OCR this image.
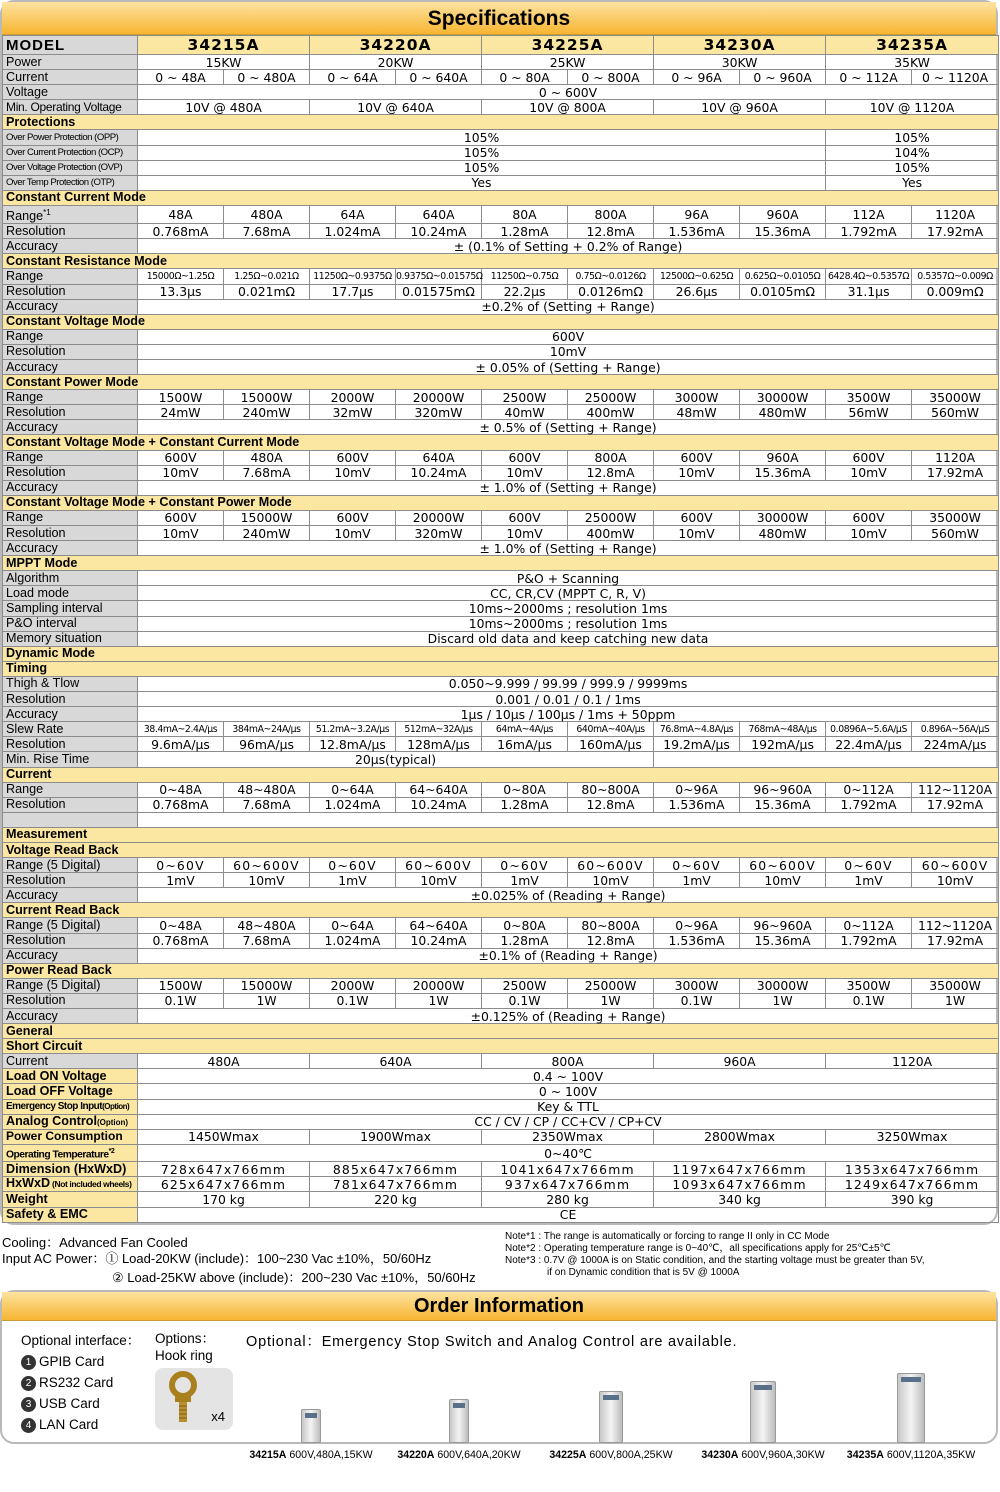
Specifications
MODEL	34215A		34220A		34225A		34230A		34235A	
Power	15KW		20KW		25KW		30KW		35KW	
Current	0 ~ 48A	0 ~ 480A	0 ~ 64A	0 ~ 640A	0 ~ 80A	0 ~ 800A	0 ~ 96A	0 ~ 960A	0 ~ 112A	0 ~ 1120A
Voltage	0 ~ 600V									
Min. Operating Voltage	10V @ 480A		10V @ 640A		10V @ 800A		10V @ 960A		10V @ 1120A	
Protections										
Over Power Protection (OPP)	105%								105%	
Over Current Protection (OCP)	105%								104%	
Over Voltage Protection (OVP)	105%								105%	
Over Temp Protection (OTP)	Yes								Yes	
Constant Current Mode										
Range$^{*1}$	48A	480A	64A	640A	80A	800A	96A	960A	112A	1120A
Resolution	0.768mA	7.68mA	1.024mA	10.24mA	1.28mA	12.8mA	1.536mA	15.36mA	1.792mA	17.92mA
Accuracy	± (0.1% of Setting + 0.2% of Range)									
Constant Resistance Mode										
Range	15000Ω~1.25Ω	1.25Ω~0.021Ω	11250Ω~0.9375Ω	0.9375Ω~0.01575Ω	11250Ω~0.75Ω	0.75Ω~0.0126Ω	12500Ω~0.625Ω	0.625Ω~0.0105Ω	6428.4Ω~0.5357Ω	0.5357Ω~0.009Ω
Resolution	13.3μs	0.021mΩ	17.7μs	0.01575mΩ	22.2μs	0.0126mΩ	26.6μs	0.0105mΩ	31.1μs	0.009mΩ
Accuracy	±0.2% of (Setting + Range)									
Constant Voltage Mode										
Range	600V									
Resolution	10mV									
Accuracy	± 0.05% of (Setting + Range)									
Constant Power Mode										
Range	1500W	15000W	2000W	20000W	2500W	25000W	3000W	30000W	3500W	35000W
Resolution	24mW	240mW	32mW	320mW	40mW	400mW	48mW	480mW	56mW	560mW
Accuracy	± 0.5% of (Setting + Range)									
Constant Voltage Mode + Constant Current Mode										
Range	600V	480A	600V	640A	600V	800A	600V	960A	600V	1120A
Resolution	10mV	7.68mA	10mV	10.24mA	10mV	12.8mA	10mV	15.36mA	10mV	17.92mA
Accuracy	± 1.0% of (Setting + Range)									
Constant Voltage Mode + Constant Power Mode										
Range	600V	15000W	600V	20000W	600V	25000W	600V	30000W	600V	35000W
Resolution	10mV	240mW	10mV	320mW	10mV	400mW	10mV	480mW	10mV	560mW
Accuracy	± 1.0% of (Setting + Range)									
MPPT Mode										
Algorithm	P&O + Scanning									
Load mode	CC, CR,CV (MPPT C, R, V)									
Sampling interval	10ms~2000ms ; resolution 1ms									
P&O interval	10ms~2000ms ; resolution 1ms									
Memory situation	Discard old data and keep catching new data									
Dynamic Mode										
Timing										
Thigh & Tlow	0.050~9.999 / 99.99 / 999.9 / 9999ms									
Resolution	0.001 / 0.01 / 0.1 / 1ms									
Accuracy	1μs / 10μs / 100μs / 1ms + 50ppm									
Slew Rate	38.4mA~2.4A/μs	384mA~24A/μs	51.2mA~3.2A/μs	512mA~32A/μs	64mA~4A/μs	640mA~40A/μs	76.8mA~4.8A/μs	768mA~48A/μs	0.0896A~5.6A/μS	0.896A~56A/μS
Resolution	9.6mA/μs	96mA/μs	12.8mA/μs	128mA/μs	16mA/μs	160mA/μs	19.2mA/μs	192mA/μs	22.4mA/μs	224mA/μs
Min. Rise Time	20μs(typical)									
Current										
Range	0~48A	48~480A	0~64A	64~640A	0~80A	80~800A	0~96A	96~960A	0~112A	112~1120A
Resolution	0.768mA	7.68mA	1.024mA	10.24mA	1.28mA	12.8mA	1.536mA	15.36mA	1.792mA	17.92mA

Measurement										
Voltage Read Back										
Range (5 Digital)	0~60V	60~600V	0~60V	60~600V	0~60V	60~600V	0~60V	60~600V	0~60V	60~600V
Resolution	1mV	10mV	1mV	10mV	1mV	10mV	1mV	10mV	1mV	10mV
Accuracy	±0.025% of (Reading + Range)									
Current Read Back										
Range (5 Digital)	0~48A	48~480A	0~64A	64~640A	0~80A	80~800A	0~96A	96~960A	0~112A	112~1120A
Resolution	0.768mA	7.68mA	1.024mA	10.24mA	1.28mA	12.8mA	1.536mA	15.36mA	1.792mA	17.92mA
Accuracy	±0.1% of (Reading + Range)									
Power Read Back										
Range (5 Digital)	1500W	15000W	2000W	20000W	2500W	25000W	3000W	30000W	3500W	35000W
Resolution	0.1W	1W	0.1W	1W	0.1W	1W	0.1W	1W	0.1W	1W
Accuracy	±0.125% of (Reading + Range)									
General										
Short Circuit										
Current	480A		640A		800A		960A		1120A	
Load ON Voltage	0.4 ~ 100V									
Load OFF Voltage	0 ~ 100V									
Emergency Stop Input(Option)	Key & TTL									
Analog Control(Option)	CC / CV / CP / CC+CV / CP+CV									
Power Consumption	1450Wmax		1900Wmax		2350Wmax		2800Wmax		3250Wmax	
Operating Temperature$^{*2}$	0~40℃									
Dimension (HxWxD)	728x647x766mm		885x647x766mm		1041x647x766mm		1197x647x766mm		1353x647x766mm	
HxWxD (Not included wheels)	625x647x766mm		781x647x766mm		937x647x766mm		1093x647x766mm		1249x647x766mm	
Weight	170 kg		220 kg		280 kg		340 kg		390 kg	
Safety & EMC	CE									
Cooling：Advanced Fan Cooled
Input AC Power：① Load-20KW (include)：100~230 Vac ±10%，50/60Hz
② Load-25KW above (include)：200~230 Vac ±10%，50/60Hz
Note*1 : The range is automatically or forcing to range II only in CC Mode
Note*2 : Operating temperature range is 0~40℃，all specifications apply for 25℃±5℃
Note*3 : 0.7V @ 1000A is on Static condition, and the starting voltage must be greater than 5V,
if on Dynamic condition that is 5V @ 1000A
Order Information
Optional interface：
1 GPIB Card
2 RS232 Card
3 USB Card
4 LAN Card
Options：
Hook ring
x4
Optional：Emergency Stop Switch and Analog Control are available.
34215A 600V,480A,15KW	34220A 600V,640A,20KW	34225A 600V,800A,25KW	34230A 600V,960A,30KW	34235A 600V,1120A,35KW
